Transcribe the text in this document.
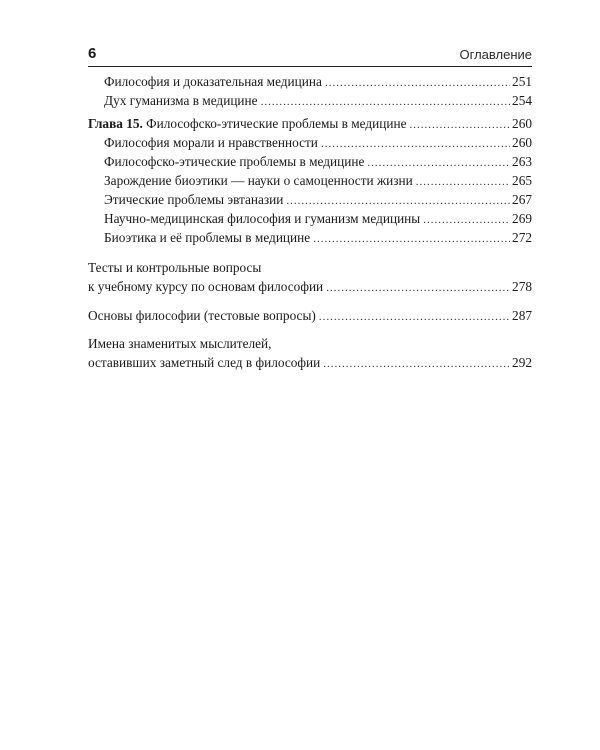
6	Оглавление
Философия и доказательная медицина .....	251
Дух гуманизма в медицине .....	254
Глава 15. Философско-этические проблемы в медицине .....	260
Философия морали и нравственности .....	260
Философско-этические проблемы в медицине .....	263
Зарождение биоэтики — науки о самоценности жизни .....	265
Этические проблемы эвтаназии .....	267
Научно-медицинская философия и гуманизм медицины .....	269
Биоэтика и её проблемы в медицине .....	272
Тесты и контрольные вопросы
к учебному курсу по основам философии .....	278
Основы философии (тестовые вопросы) .....	287
Имена знаменитых мыслителей,
оставивших заметный след в философии .....	292
